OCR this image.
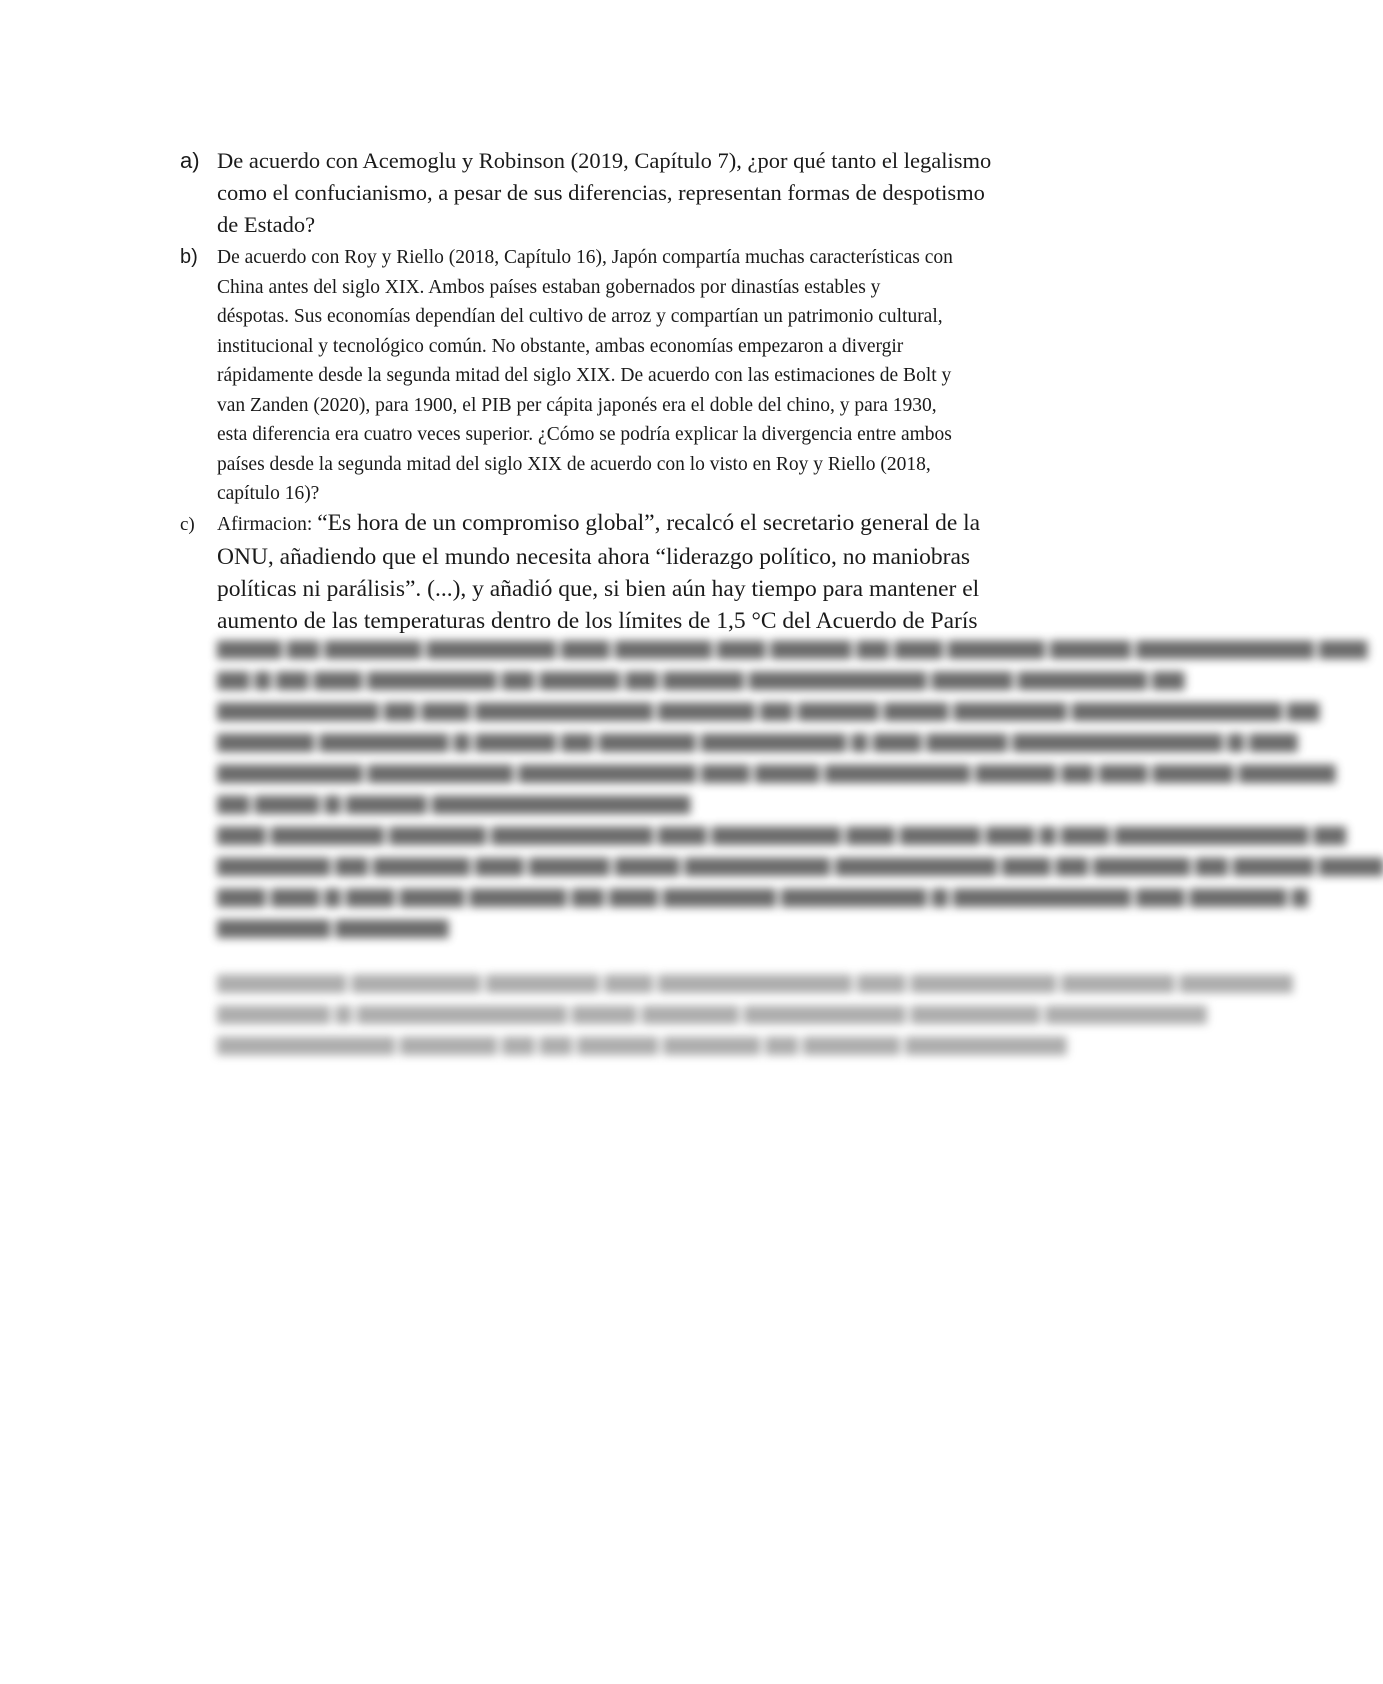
a) De acuerdo con Acemoglu y Robinson (2019, Capítulo 7), ¿por qué tanto el legalismo
como el confucianismo, a pesar de sus diferencias, representan formas de despotismo
de Estado?
b) De acuerdo con Roy y Riello (2018, Capítulo 16), Japón compartía muchas características con
China antes del siglo XIX. Ambos países estaban gobernados por dinastías estables y
déspotas. Sus economías dependían del cultivo de arroz y compartían un patrimonio cultural,
institucional y tecnológico común. No obstante, ambas economías empezaron a divergir
rápidamente desde la segunda mitad del siglo XIX. De acuerdo con las estimaciones de Bolt y
van Zanden (2020), para 1900, el PIB per cápita japonés era el doble del chino, y para 1930,
esta diferencia era cuatro veces superior. ¿Cómo se podría explicar la divergencia entre ambos
países desde la segunda mitad del siglo XIX de acuerdo con lo visto en Roy y Riello (2018,
capítulo 16)?
c) Afirmacion: “Es hora de un compromiso global”, recalcó el secretario general de la
ONU, añadiendo que el mundo necesita ahora “liderazgo político, no maniobras
políticas ni parálisis”. (...), y añadió que, si bien aún hay tiempo para mantener el
aumento de las temperaturas dentro de los límites de 1,5 °C del Acuerdo de París
▆▆▆▆ ▆▆ ▆▆▆▆▆▆ ▆▆▆▆▆▆▆▆ ▆▆▆ ▆▆▆▆▆▆ ▆▆▆ ▆▆▆▆▆ ▆▆ ▆▆▆ ▆▆▆▆▆▆ ▆▆▆▆▆ ▆▆▆▆▆▆▆▆▆▆▆ ▆▆▆
▆▆ ▆ ▆▆ ▆▆▆ ▆▆▆▆▆▆▆▆ ▆▆ ▆▆▆▆▆ ▆▆ ▆▆▆▆▆ ▆▆▆▆▆▆▆▆▆▆▆ ▆▆▆▆▆ ▆▆▆▆▆▆▆▆ ▆▆
▆▆▆▆▆▆▆▆▆▆ ▆▆ ▆▆▆ ▆▆▆▆▆▆▆▆▆▆▆ ▆▆▆▆▆▆ ▆▆ ▆▆▆▆▆ ▆▆▆▆ ▆▆▆▆▆▆▆ ▆▆▆▆▆▆▆▆▆▆▆▆▆ ▆▆
▆▆▆▆▆▆ ▆▆▆▆▆▆▆▆ ▆ ▆▆▆▆▆ ▆▆ ▆▆▆▆▆▆ ▆▆▆▆▆▆▆▆▆ ▆ ▆▆▆ ▆▆▆▆▆ ▆▆▆▆▆▆▆▆▆▆▆▆▆ ▆ ▆▆▆
▆▆▆▆▆▆▆▆▆ ▆▆▆▆▆▆▆▆▆ ▆▆▆▆▆▆▆▆▆▆▆ ▆▆▆ ▆▆▆▆ ▆▆▆▆▆▆▆▆▆ ▆▆▆▆▆ ▆▆ ▆▆▆ ▆▆▆▆▆ ▆▆▆▆▆▆
▆▆ ▆▆▆▆ ▆ ▆▆▆▆▆ ▆▆▆▆▆▆▆▆▆▆▆▆▆▆▆▆
▆▆▆ ▆▆▆▆▆▆▆ ▆▆▆▆▆▆ ▆▆▆▆▆▆▆▆▆▆ ▆▆▆ ▆▆▆▆▆▆▆▆ ▆▆▆ ▆▆▆▆▆ ▆▆▆ ▆ ▆▆▆ ▆▆▆▆▆▆▆▆▆▆▆▆ ▆▆
▆▆▆▆▆▆▆ ▆▆ ▆▆▆▆▆▆ ▆▆▆ ▆▆▆▆▆ ▆▆▆▆ ▆▆▆▆▆▆▆▆▆ ▆▆▆▆▆▆▆▆▆▆ ▆▆▆ ▆▆ ▆▆▆▆▆▆ ▆▆ ▆▆▆▆▆ ▆▆▆▆
▆▆▆ ▆▆▆ ▆ ▆▆▆ ▆▆▆▆ ▆▆▆▆▆▆ ▆▆ ▆▆▆ ▆▆▆▆▆▆▆ ▆▆▆▆▆▆▆▆▆ ▆ ▆▆▆▆▆▆▆▆▆▆▆ ▆▆▆ ▆▆▆▆▆▆ ▆
▆▆▆▆▆▆▆ ▆▆▆▆▆▆▆
▆▆▆▆▆▆▆▆ ▆▆▆▆▆▆▆▆ ▆▆▆▆▆▆▆ ▆▆▆ ▆▆▆▆▆▆▆▆▆▆▆▆ ▆▆▆ ▆▆▆▆▆▆▆▆▆ ▆▆▆▆▆▆▆ ▆▆▆▆▆▆▆
▆▆▆▆▆▆▆ ▆ ▆▆▆▆▆▆▆▆▆▆▆▆▆ ▆▆▆▆ ▆▆▆▆▆▆ ▆▆▆▆▆▆▆▆▆▆ ▆▆▆▆▆▆▆▆ ▆▆▆▆▆▆▆▆▆▆
▆▆▆▆▆▆▆▆▆▆▆ ▆▆▆▆▆▆ ▆▆ ▆▆ ▆▆▆▆▆ ▆▆▆▆▆▆ ▆▆ ▆▆▆▆▆▆ ▆▆▆▆▆▆▆▆▆▆
